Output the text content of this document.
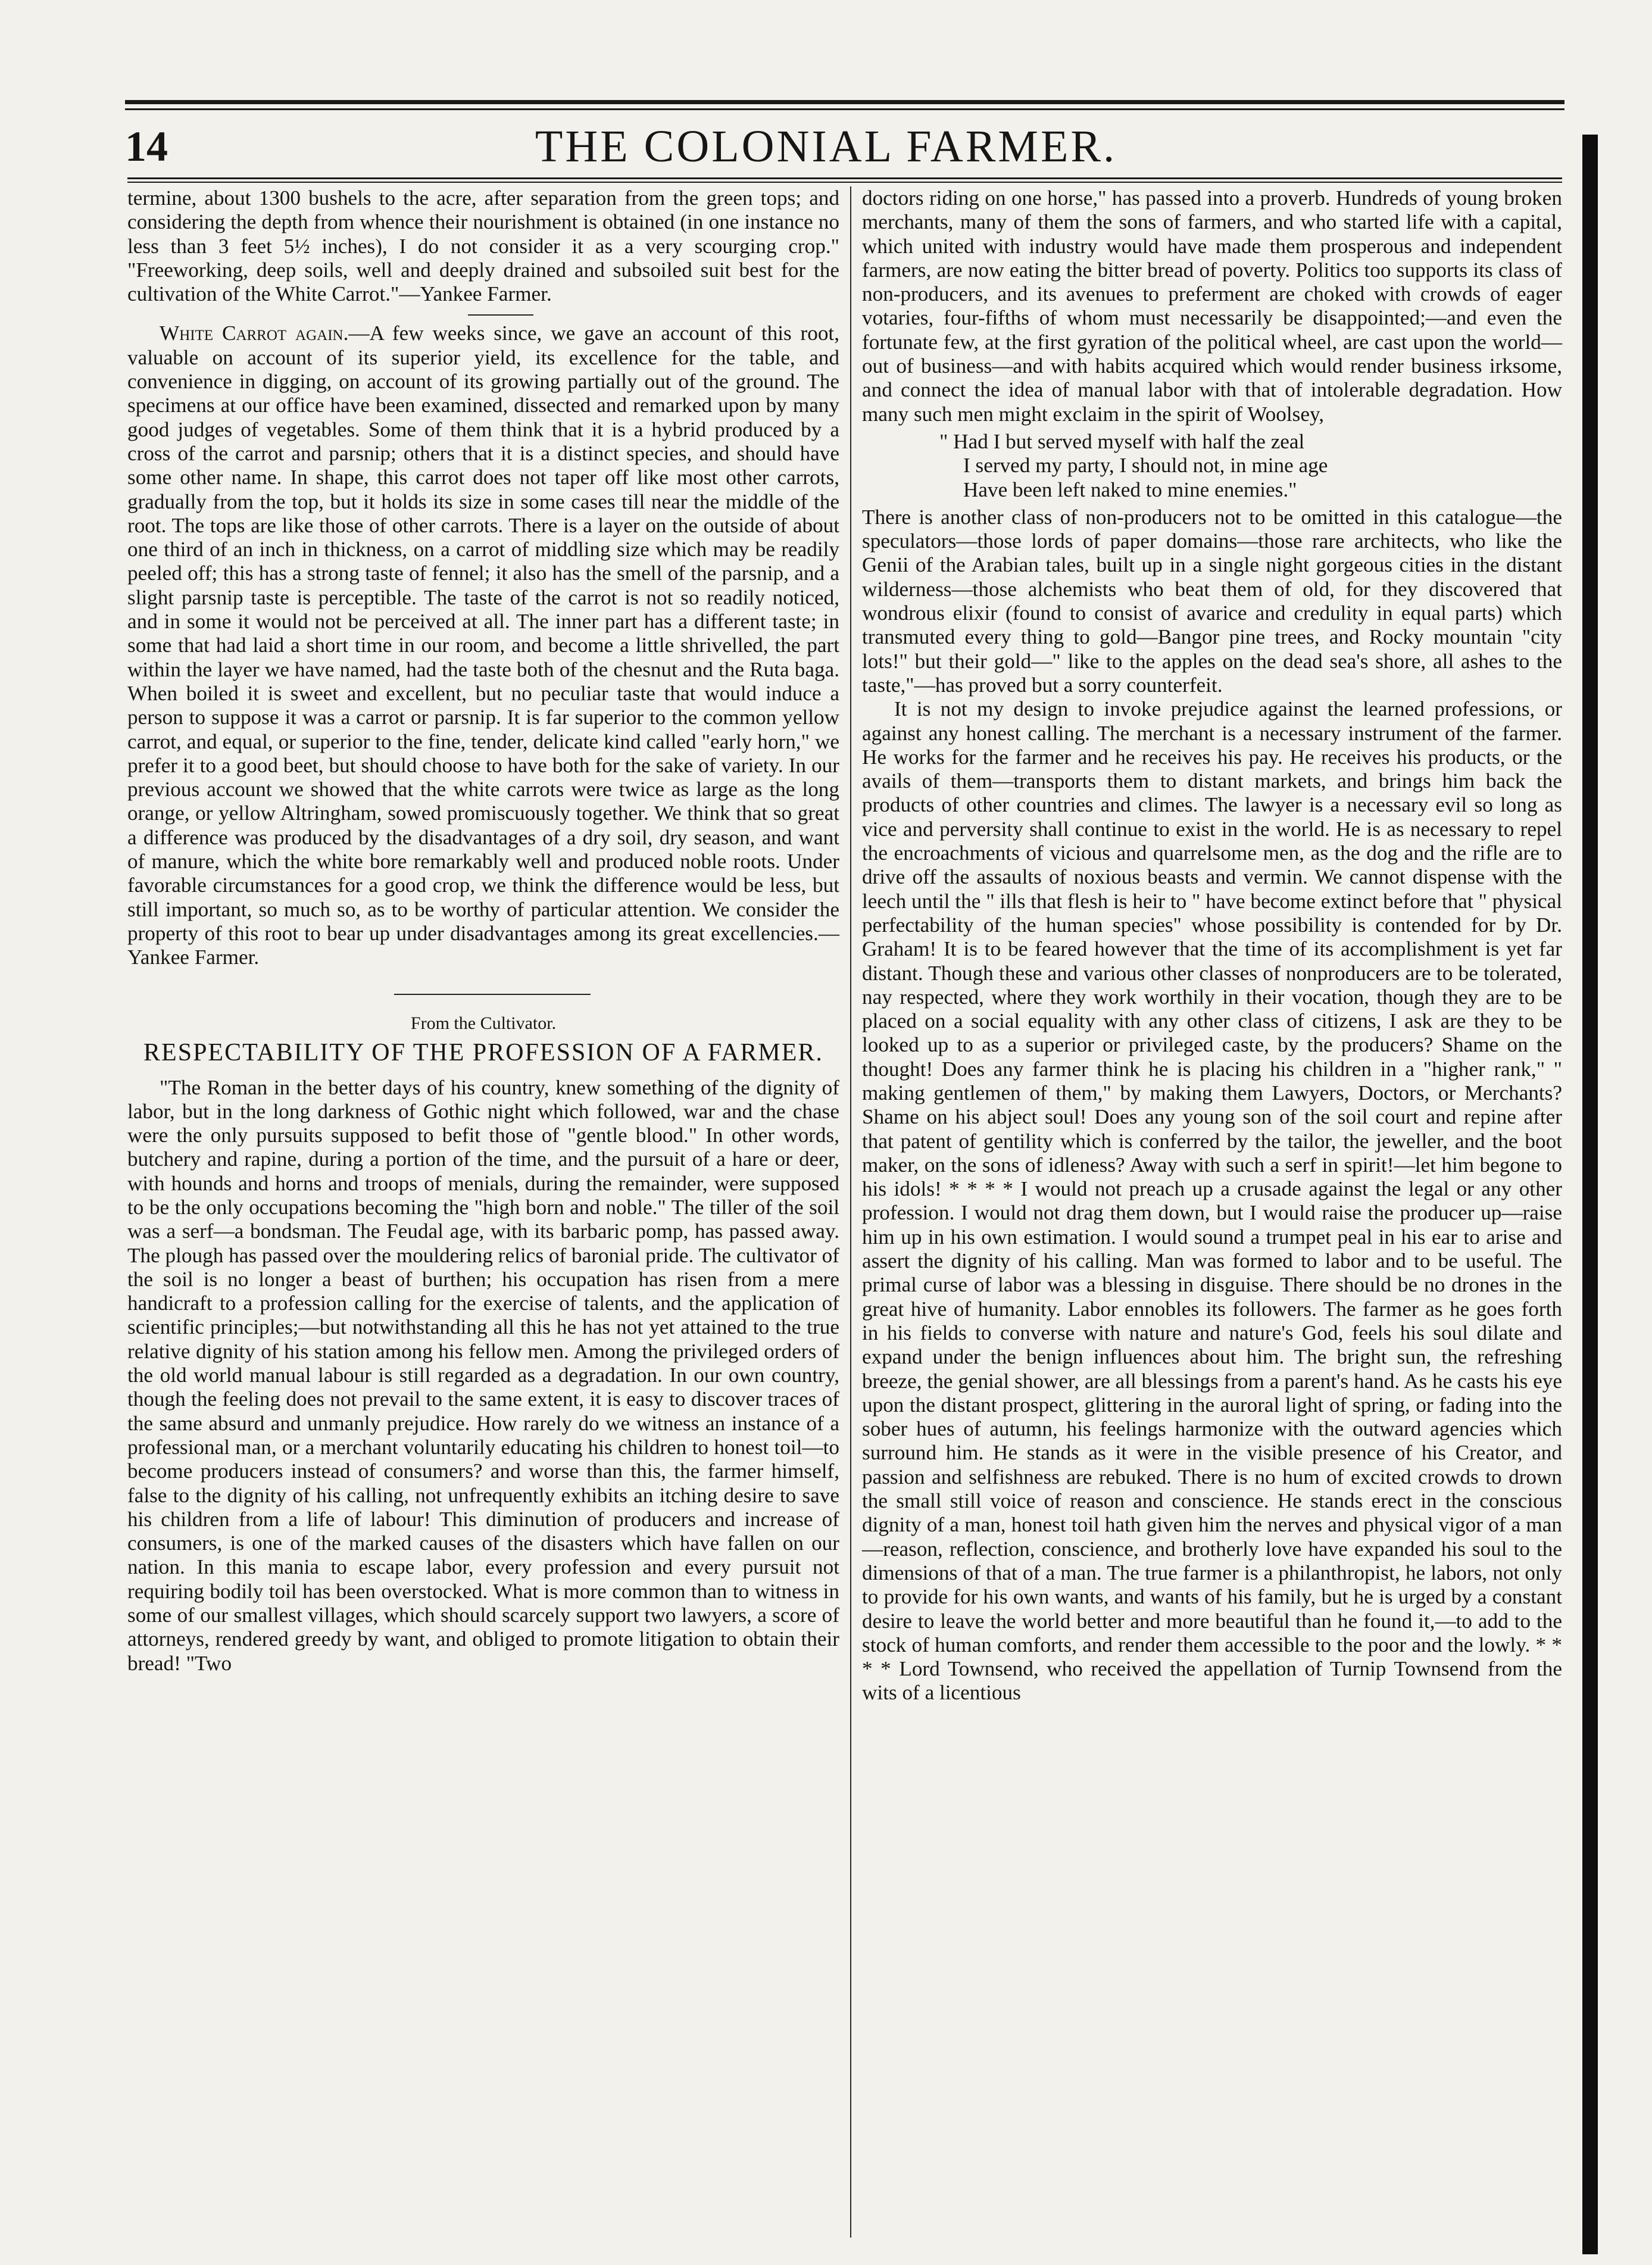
14	THE COLONIAL FARMER.

termine, about 1300 bushels to the acre, after separation from the green tops; and considering the depth from whence their nourishment is obtained (in one instance no less than 3 feet 5½ inches), I do not consider it as a very scourging crop." "Freeworking, deep soils, well and deeply drained and subsoiled suit best for the cultivation of the White Carrot."—Yankee Farmer.

White Carrot again.—A few weeks since, we gave an account of this root, valuable on account of its superior yield, its excellence for the table, and convenience in digging, on account of its growing partially out of the ground. The specimens at our office have been examined, dissected and remarked upon by many good judges of vegetables. Some of them think that it is a hybrid produced by a cross of the carrot and parsnip; others that it is a distinct species, and should have some other name. In shape, this carrot does not taper off like most other carrots, gradually from the top, but it holds its size in some cases till near the middle of the root. The tops are like those of other carrots. There is a layer on the outside of about one third of an inch in thickness, on a carrot of middling size which may be readily peeled off; this has a strong taste of fennel; it also has the smell of the parsnip, and a slight parsnip taste is perceptible. The taste of the carrot is not so readily noticed, and in some it would not be perceived at all. The inner part has a different taste; in some that had laid a short time in our room, and become a little shrivelled, the part within the layer we have named, had the taste both of the chesnut and the Ruta baga. When boiled it is sweet and excellent, but no peculiar taste that would induce a person to suppose it was a carrot or parsnip. It is far superior to the common yellow carrot, and equal, or superior to the fine, tender, delicate kind called "early horn," we prefer it to a good beet, but should choose to have both for the sake of variety. In our previous account we showed that the white carrots were twice as large as the long orange, or yellow Altringham, sowed promiscuously together. We think that so great a difference was produced by the disadvantages of a dry soil, dry season, and want of manure, which the white bore remarkably well and produced noble roots. Under favorable circumstances for a good crop, we think the difference would be less, but still important, so much so, as to be worthy of particular attention. We consider the property of this root to bear up under disadvantages among its great excellencies.—Yankee Farmer.

From the Cultivator.
RESPECTABILITY OF THE PROFESSION OF A FARMER.

"The Roman in the better days of his country, knew something of the dignity of labor, but in the long darkness of Gothic night which followed, war and the chase were the only pursuits supposed to befit those of "gentle blood." In other words, butchery and rapine, during a portion of the time, and the pursuit of a hare or deer, with hounds and horns and troops of menials, during the remainder, were supposed to be the only occupations becoming the "high born and noble." The tiller of the soil was a serf—a bondsman. The Feudal age, with its barbaric pomp, has passed away. The plough has passed over the mouldering relics of baronial pride. The cultivator of the soil is no longer a beast of burthen; his occupation has risen from a mere handicraft to a profession calling for the exercise of talents, and the application of scientific principles;—but notwithstanding all this he has not yet attained to the true relative dignity of his station among his fellow men. Among the privileged orders of the old world manual labour is still regarded as a degradation. In our own country, though the feeling does not prevail to the same extent, it is easy to discover traces of the same absurd and unmanly prejudice. How rarely do we witness an instance of a professional man, or a merchant voluntarily educating his children to honest toil—to become producers instead of consumers? and worse than this, the farmer himself, false to the dignity of his calling, not unfrequently exhibits an itching desire to save his children from a life of labour! This diminution of producers and increase of consumers, is one of the marked causes of the disasters which have fallen on our nation. In this mania to escape labor, every profession and every pursuit not requiring bodily toil has been overstocked. What is more common than to witness in some of our smallest villages, which should scarcely support two lawyers, a score of attorneys, rendered greedy by want, and obliged to promote litigation to obtain their bread! "Two

doctors riding on one horse," has passed into a proverb. Hundreds of young broken merchants, many of them the sons of farmers, and who started life with a capital, which united with industry would have made them prosperous and independent farmers, are now eating the bitter bread of poverty. Politics too supports its class of non-producers, and its avenues to preferment are choked with crowds of eager votaries, four-fifths of whom must necessarily be disappointed;—and even the fortunate few, at the first gyration of the political wheel, are cast upon the world—out of business—and with habits acquired which would render business irksome, and connect the idea of manual labor with that of intolerable degradation. How many such men might exclaim in the spirit of Woolsey,

" Had I but served myself with half the zeal
I served my party, I should not, in mine age
Have been left naked to mine enemies."

There is another class of non-producers not to be omitted in this catalogue—the speculators—those lords of paper domains—those rare architects, who like the Genii of the Arabian tales, built up in a single night gorgeous cities in the distant wilderness—those alchemists who beat them of old, for they discovered that wondrous elixir (found to consist of avarice and credulity in equal parts) which transmuted every thing to gold—Bangor pine trees, and Rocky mountain "city lots!" but their gold—" like to the apples on the dead sea's shore, all ashes to the taste,"—has proved but a sorry counterfeit.

It is not my design to invoke prejudice against the learned professions, or against any honest calling. The merchant is a necessary instrument of the farmer. He works for the farmer and he receives his pay. He receives his products, or the avails of them—transports them to distant markets, and brings him back the products of other countries and climes. The lawyer is a necessary evil so long as vice and perversity shall continue to exist in the world. He is as necessary to repel the encroachments of vicious and quarrelsome men, as the dog and the rifle are to drive off the assaults of noxious beasts and vermin. We cannot dispense with the leech until the " ills that flesh is heir to " have become extinct before that " physical perfectability of the human species" whose possibility is contended for by Dr. Graham! It is to be feared however that the time of its accomplishment is yet far distant. Though these and various other classes of nonproducers are to be tolerated, nay respected, where they work worthily in their vocation, though they are to be placed on a social equality with any other class of citizens, I ask are they to be looked up to as a superior or privileged caste, by the producers? Shame on the thought! Does any farmer think he is placing his children in a "higher rank," " making gentlemen of them," by making them Lawyers, Doctors, or Merchants? Shame on his abject soul! Does any young son of the soil court and repine after that patent of gentility which is conferred by the tailor, the jeweller, and the boot maker, on the sons of idleness? Away with such a serf in spirit!—let him begone to his idols! * * * * I would not preach up a crusade against the legal or any other profession. I would not drag them down, but I would raise the producer up—raise him up in his own estimation. I would sound a trumpet peal in his ear to arise and assert the dignity of his calling. Man was formed to labor and to be useful. The primal curse of labor was a blessing in disguise. There should be no drones in the great hive of humanity. Labor ennobles its followers. The farmer as he goes forth in his fields to converse with nature and nature's God, feels his soul dilate and expand under the benign influences about him. The bright sun, the refreshing breeze, the genial shower, are all blessings from a parent's hand. As he casts his eye upon the distant prospect, glittering in the auroral light of spring, or fading into the sober hues of autumn, his feelings harmonize with the outward agencies which surround him. He stands as it were in the visible presence of his Creator, and passion and selfishness are rebuked. There is no hum of excited crowds to drown the small still voice of reason and conscience. He stands erect in the conscious dignity of a man, honest toil hath given him the nerves and physical vigor of a man —reason, reflection, conscience, and brotherly love have expanded his soul to the dimensions of that of a man. The true farmer is a philanthropist, he labors, not only to provide for his own wants, and wants of his family, but he is urged by a constant desire to leave the world better and more beautiful than he found it,—to add to the stock of human comforts, and render them accessible to the poor and the lowly. * * * * Lord Townsend, who received the appellation of Turnip Townsend from the wits of a licentious
